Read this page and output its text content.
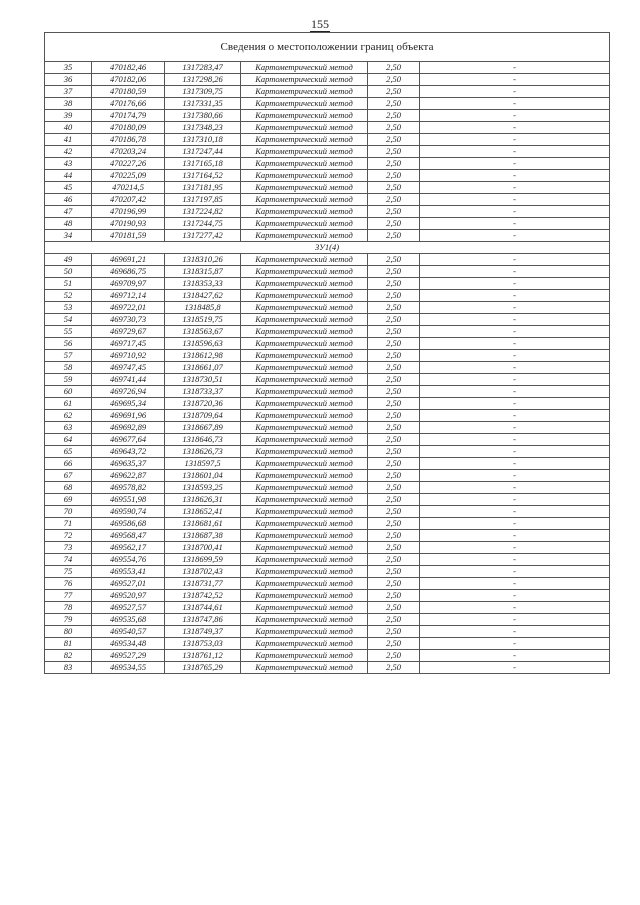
155
Сведения о местоположении границ объекта					
35	470182,46	1317283,47	Картометрический метод	2,50	-
36	470182,06	1317298,26	Картометрический метод	2,50	-
37	470180,59	1317309,75	Картометрический метод	2,50	-
38	470176,66	1317331,35	Картометрический метод	2,50	-
39	470174,79	1317380,66	Картометрический метод	2,50	-
40	470180,09	1317348,23	Картометрический метод	2,50	-
41	470186,78	1317310,18	Картометрический метод	2,50	-
42	470203,24	1317247,44	Картометрический метод	2,50	-
43	470227,26	1317165,18	Картометрический метод	2,50	-
44	470225,09	1317164,52	Картометрический метод	2,50	-
45	470214,5	1317181,95	Картометрический метод	2,50	-
46	470207,42	1317197,85	Картометрический метод	2,50	-
47	470196,99	1317224,82	Картометрический метод	2,50	-
48	470190,93	1317244,75	Картометрический метод	2,50	-
34	470181,59	1317277,42	Картометрический метод	2,50	-
ЗУ1(4)					
49	469691,21	1318310,26	Картометрический метод	2,50	-
50	469686,75	1318315,87	Картометрический метод	2,50	-
51	469709,97	1318353,33	Картометрический метод	2,50	-
52	469712,14	1318427,62	Картометрический метод	2,50	-
53	469722,01	1318485,8	Картометрический метод	2,50	-
54	469730,73	1318519,75	Картометрический метод	2,50	-
55	469729,67	1318563,67	Картометрический метод	2,50	-
56	469717,45	1318596,63	Картометрический метод	2,50	-
57	469710,92	1318612,98	Картометрический метод	2,50	-
58	469747,45	1318661,07	Картометрический метод	2,50	-
59	469741,44	1318730,51	Картометрический метод	2,50	-
60	469726,94	1318733,37	Картометрический метод	2,50	-
61	469695,34	1318720,36	Картометрический метод	2,50	-
62	469691,96	1318709,64	Картометрический метод	2,50	-
63	469692,89	1318667,89	Картометрический метод	2,50	-
64	469677,64	1318646,73	Картометрический метод	2,50	-
65	469643,72	1318626,73	Картометрический метод	2,50	-
66	469635,37	1318597,5	Картометрический метод	2,50	-
67	469622,87	1318601,04	Картометрический метод	2,50	-
68	469578,82	1318593,25	Картометрический метод	2,50	-
69	469551,98	1318626,31	Картометрический метод	2,50	-
70	469590,74	1318652,41	Картометрический метод	2,50	-
71	469586,68	1318681,61	Картометрический метод	2,50	-
72	469568,47	1318687,38	Картометрический метод	2,50	-
73	469562,17	1318700,41	Картометрический метод	2,50	-
74	469554,76	1318699,59	Картометрический метод	2,50	-
75	469553,41	1318702,43	Картометрический метод	2,50	-
76	469527,01	1318731,77	Картометрический метод	2,50	-
77	469520,97	1318742,52	Картометрический метод	2,50	-
78	469527,57	1318744,61	Картометрический метод	2,50	-
79	469535,68	1318747,86	Картометрический метод	2,50	-
80	469540,57	1318749,37	Картометрический метод	2,50	-
81	469534,48	1318753,03	Картометрический метод	2,50	-
82	469527,29	1318761,12	Картометрический метод	2,50	-
83	469534,55	1318765,29	Картометрический метод	2,50	-
